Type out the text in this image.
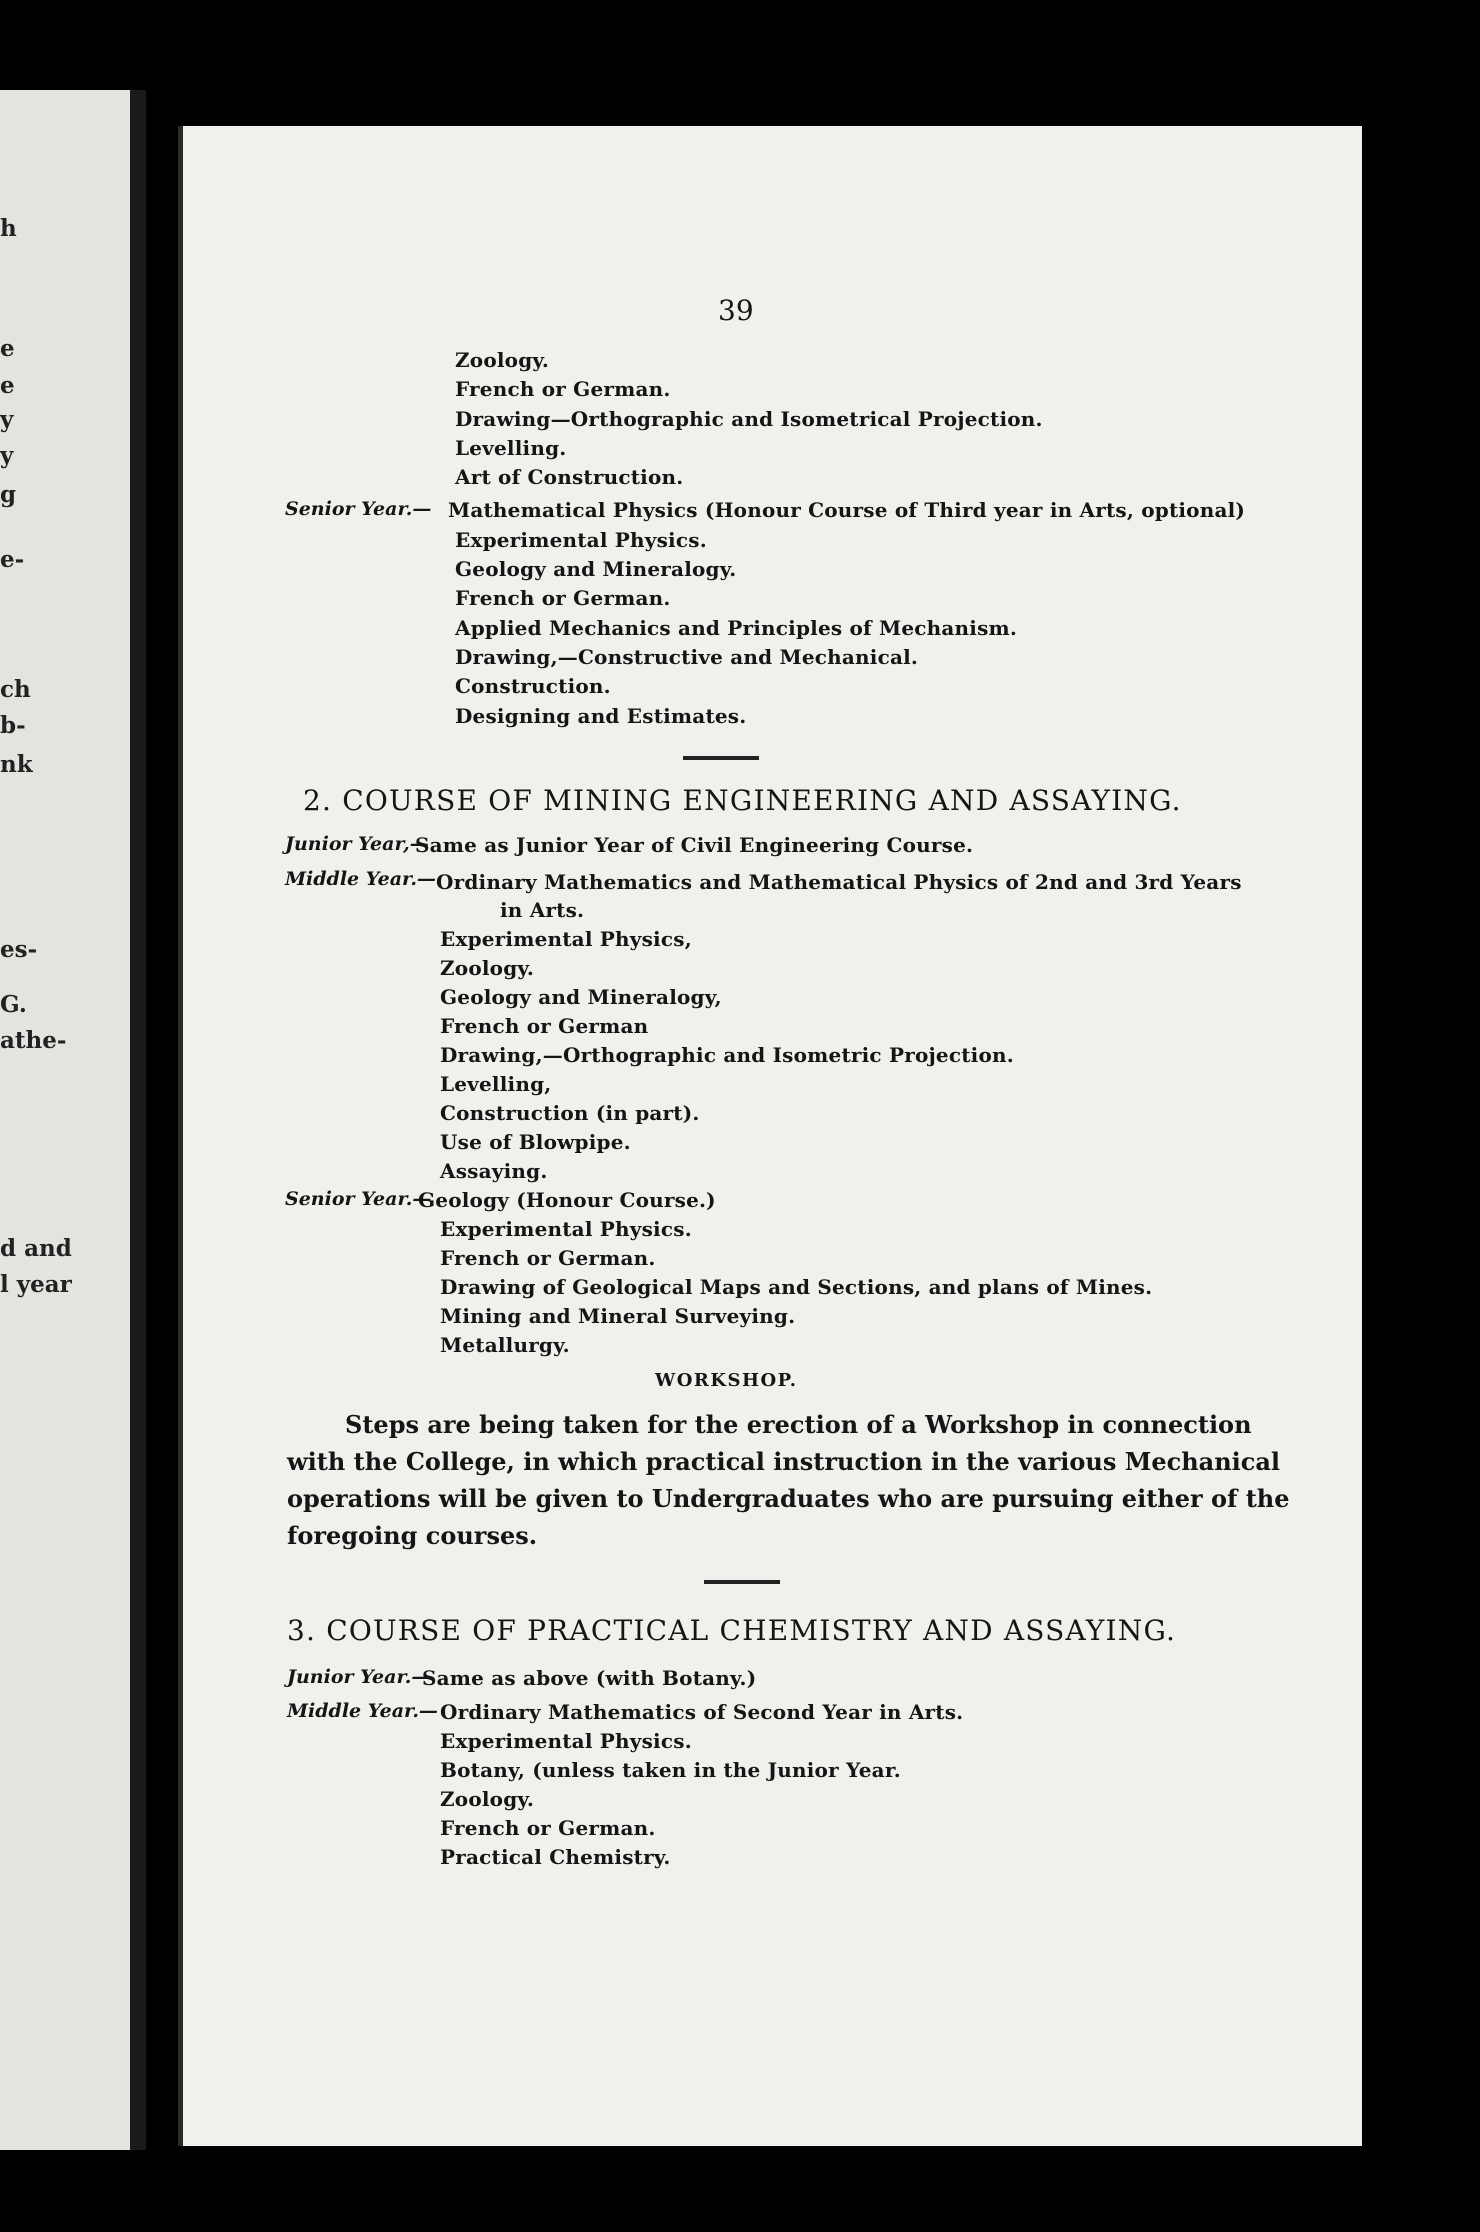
h
e
e
y
y
g
e-
ch
b-
nk
es-
G.
athe-
d and
l year
39
Zoology.
French or German.
Drawing—Orthographic and Isometrical Projection.
Levelling.
Art of Construction.
Senior Year.— Mathematical Physics (Honour Course of Third year in Arts, optional)
Experimental Physics.
Geology and Mineralogy.
French or German.
Applied Mechanics and Principles of Mechanism.
Drawing,—Constructive and Mechanical.
Construction.
Designing and Estimates.
2. COURSE OF MINING ENGINEERING AND ASSAYING.
Junior Year,—
Same as Junior Year of Civil Engineering Course.
Middle Year.— Ordinary Mathematics and Mathematical Physics of 2nd and 3rd Years
in Arts.
Experimental Physics,
Zoology.
Geology and Mineralogy,
French or German
Drawing,—Orthographic and Isometric Projection.
Levelling,
Construction (in part).
Use of Blowpipe.
Assaying.
Senior Year.—
Geology (Honour Course.)
Experimental Physics.
French or German.
Drawing of Geological Maps and Sections, and plans of Mines.
Mining and Mineral Surveying.
Metallurgy.
WORKSHOP.
Steps are being taken for the erection of a Workshop in connection
with the College, in which practical instruction in the various Mechanical
operations will be given to Undergraduates who are pursuing either of the
foregoing courses.
3. COURSE OF PRACTICAL CHEMISTRY AND ASSAYING.
Junior Year.—
Same as above (with Botany.)
Middle Year.— Ordinary Mathematics of Second Year in Arts.
Experimental Physics.
Botany, (unless taken in the Junior Year.
Zoology.
French or German.
Practical Chemistry.
